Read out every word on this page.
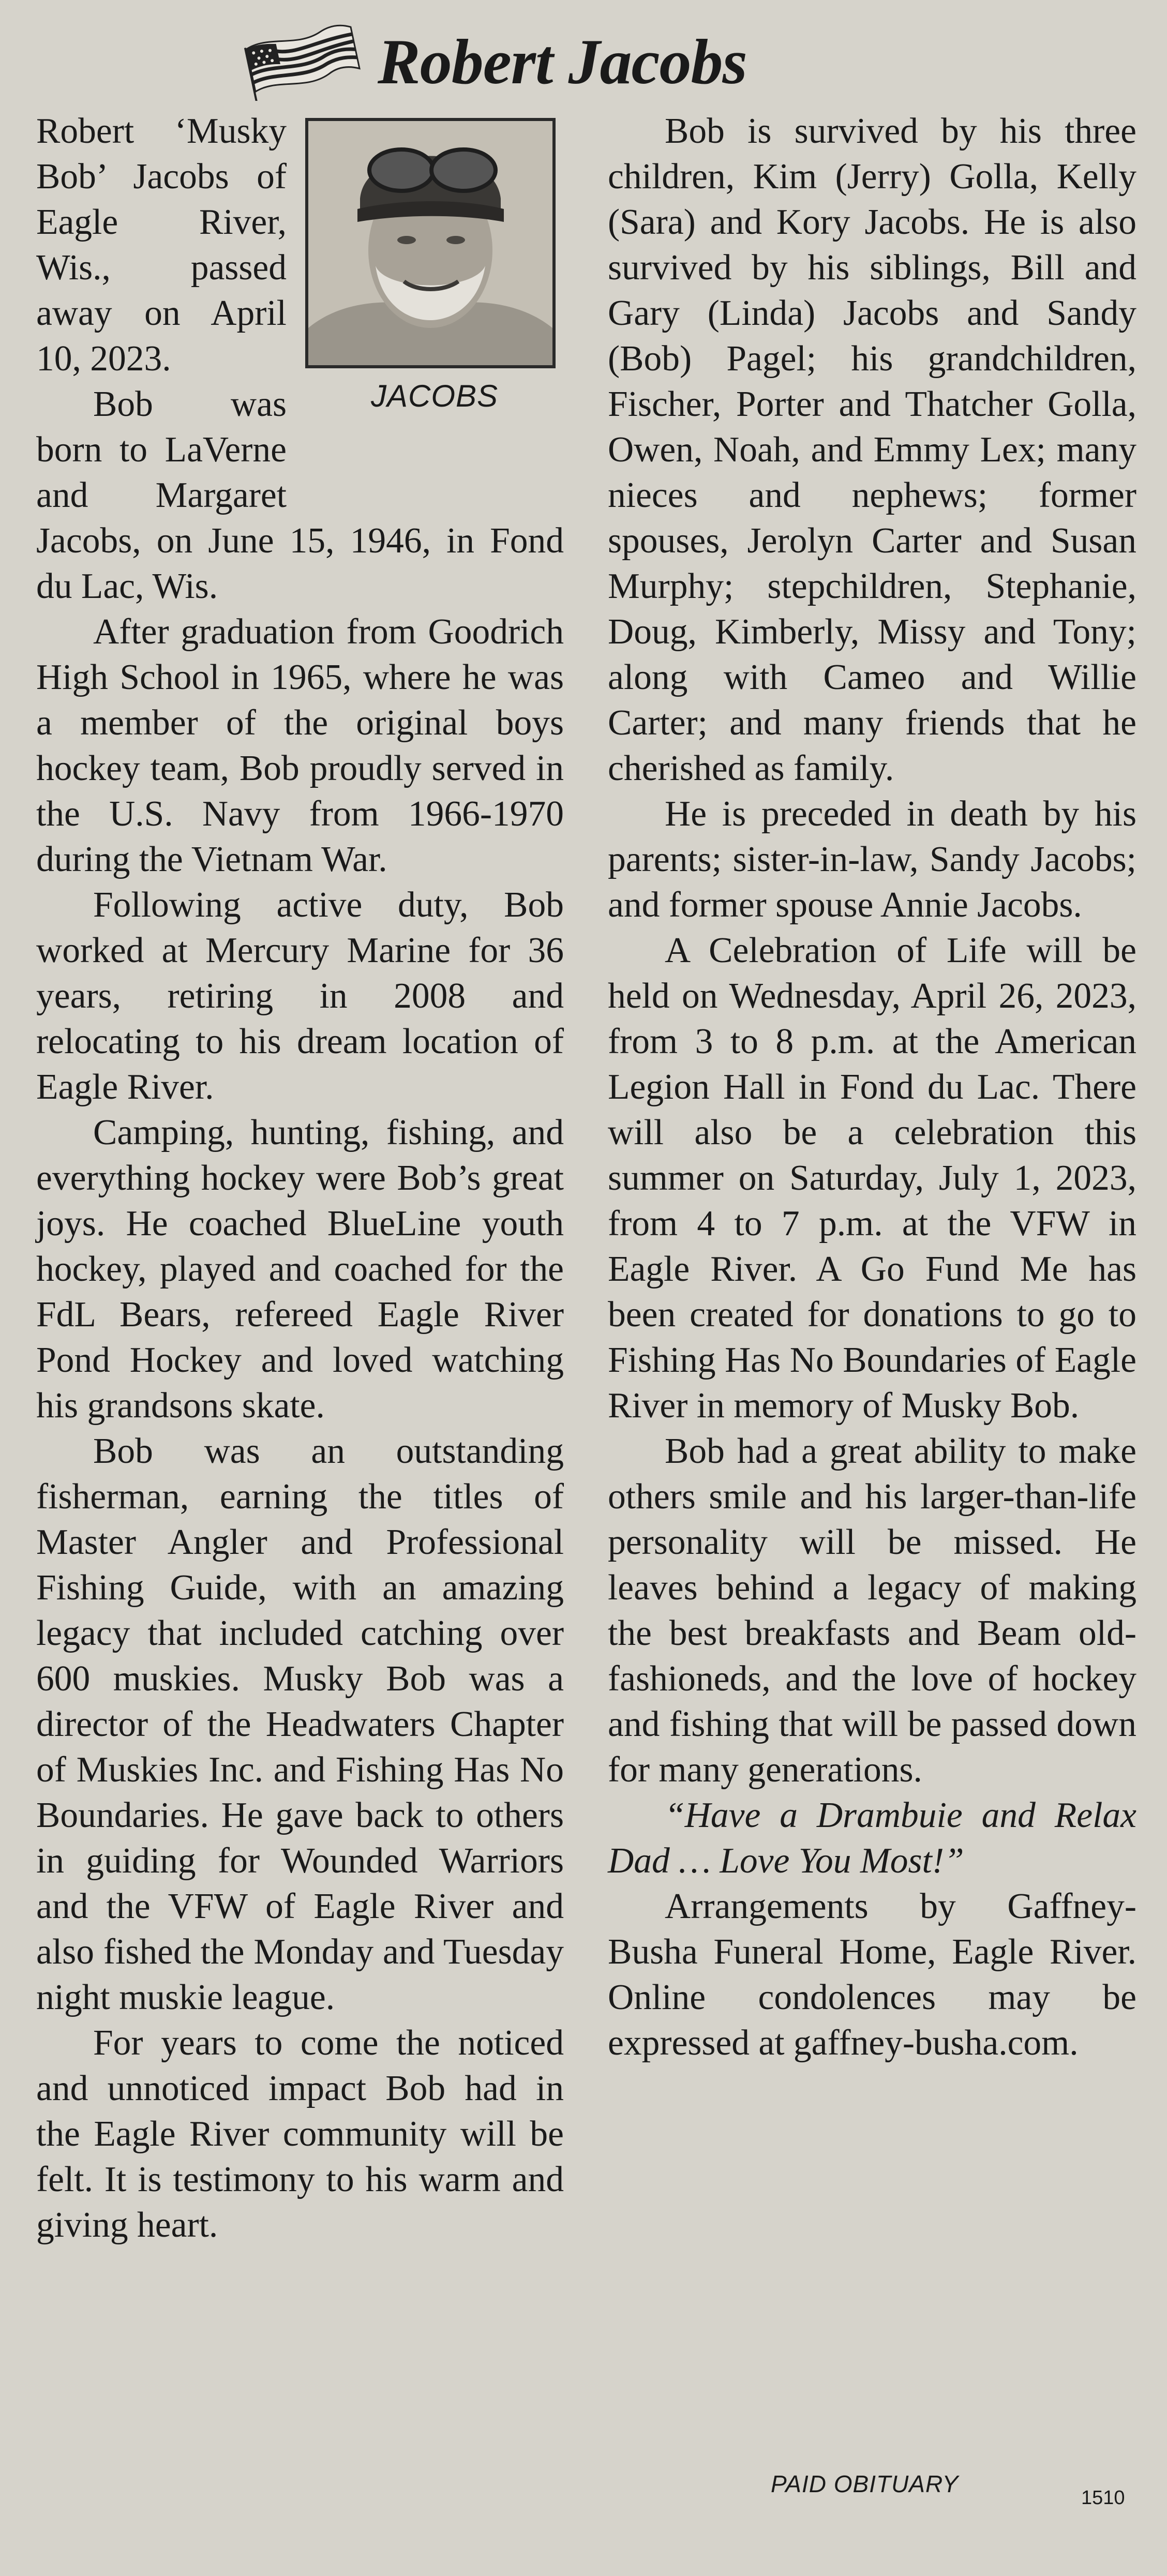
Robert Jacobs
JACOBS

Robert ‘Musky Bob’ Jacobs of Eagle River, Wis., passed away on April 10, 2023.

Bob was born to LaVerne and Margaret Jacobs, on June 15, 1946, in Fond du Lac, Wis.

After graduation from Goodrich High School in 1965, where he was a member of the original boys hockey team, Bob proudly served in the U.S. Navy from 1966-1970 during the Vietnam War.

Following active duty, Bob worked at Mercury Marine for 36 years, retiring in 2008 and relocating to his dream location of Eagle River.

Camping, hunting, fishing, and everything hockey were Bob’s great joys. He coached BlueLine youth hockey, played and coached for the FdL Bears, refereed Eagle River Pond Hockey and loved watching his grandsons skate.

Bob was an outstanding fisherman, earning the titles of Master Angler and Professional Fishing Guide, with an amazing legacy that included catching over 600 muskies. Musky Bob was a director of the Headwaters Chapter of Muskies Inc. and Fishing Has No Boundaries. He gave back to others in guiding for Wounded Warriors and the VFW of Eagle River and also fished the Monday and Tuesday night muskie league.

For years to come the noticed and unnoticed impact Bob had in the Eagle River community will be felt. It is testimony to his warm and giving heart.

Bob is survived by his three children, Kim (Jerry) Golla, Kelly (Sara) and Kory Jacobs. He is also survived by his siblings, Bill and Gary (Linda) Jacobs and Sandy (Bob) Pagel; his grandchildren, Fischer, Porter and Thatcher Golla, Owen, Noah, and Emmy Lex; many nieces and nephews; former spouses, Jerolyn Carter and Susan Murphy; stepchildren, Stephanie, Doug, Kimberly, Missy and Tony; along with Cameo and Willie Carter; and many friends that he cherished as family.

He is preceded in death by his parents; sister-in-law, Sandy Jacobs; and former spouse Annie Jacobs.

A Celebration of Life will be held on Wednesday, April 26, 2023, from 3 to 8 p.m. at the American Legion Hall in Fond du Lac. There will also be a celebration this summer on Saturday, July 1, 2023, from 4 to 7 p.m. at the VFW in Eagle River. A Go Fund Me has been created for donations to go to Fishing Has No Boundaries of Eagle River in memory of Musky Bob.

Bob had a great ability to make others smile and his larger-than-life personality will be missed. He leaves behind a legacy of making the best breakfasts and Beam old-fashioneds, and the love of hockey and fishing that will be passed down for many generations.

“Have a Drambuie and Relax Dad … Love You Most!”

Arrangements by Gaffney-Busha Funeral Home, Eagle River. Online condolences may be expressed at gaffney-busha.com.

PAID OBITUARY
1510
